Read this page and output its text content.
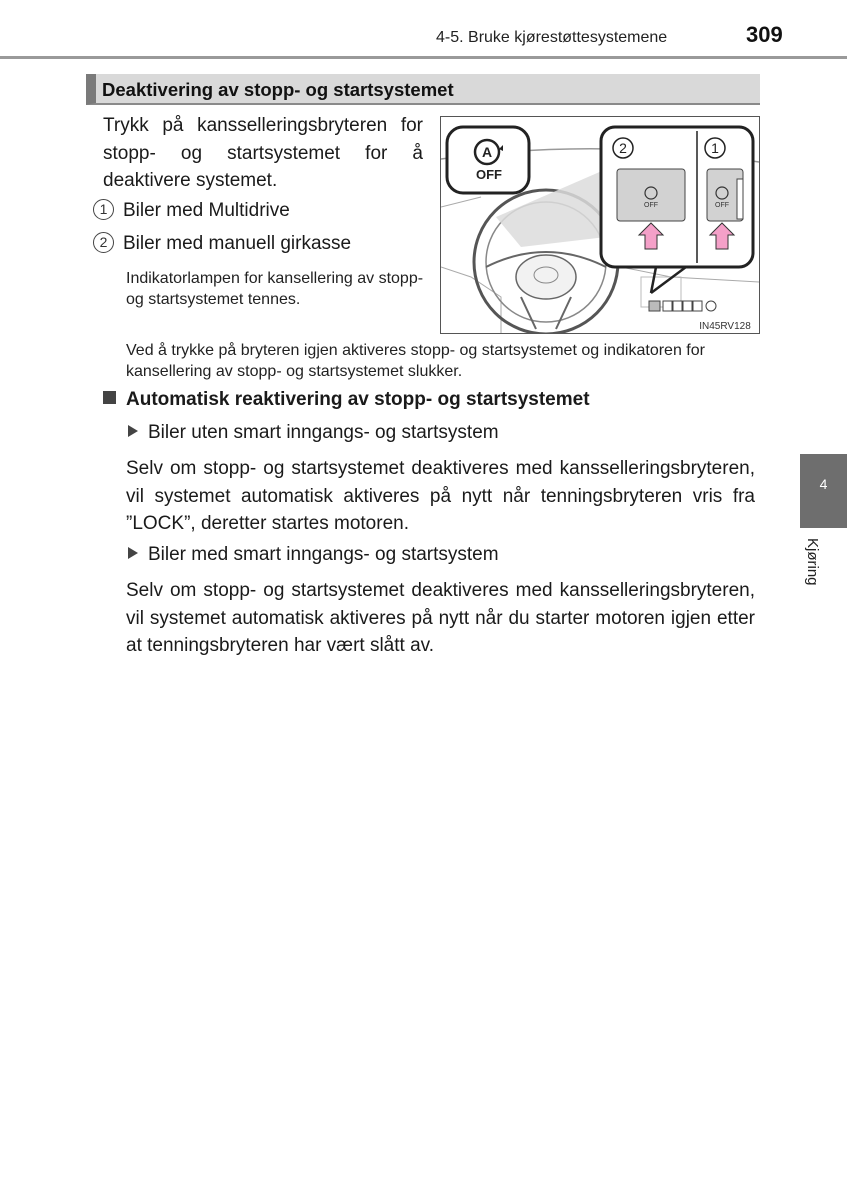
4-5. Bruke kjørestøttesystemene	309
Deaktivering av stopp- og startsystemet
Trykk på kansselleringsbryteren for stopp- og startsystemet for å deaktivere systemet.
1 Biler med Multidrive
2 Biler med manuell girkasse
Indikatorlampen for kansellering av stopp- og startsystemet tennes.
A
OFF
2	1
OFF	OFF
IN45RV128
Ved å trykke på bryteren igjen aktiveres stopp- og startsystemet og indikatoren for kansellering av stopp- og startsystemet slukker.
Automatisk reaktivering av stopp- og startsystemet
Biler uten smart inngangs- og startsystem
Selv om stopp- og startsystemet deaktiveres med kansselleringsbryteren, vil systemet automatisk aktiveres på nytt når tenningsbryteren vris fra ”LOCK”, deretter startes motoren.
Biler med smart inngangs- og startsystem
Selv om stopp- og startsystemet deaktiveres med kansselleringsbryteren, vil systemet automatisk aktiveres på nytt når du starter motoren igjen etter at tenningsbryteren har vært slått av.
4
Kjøring
